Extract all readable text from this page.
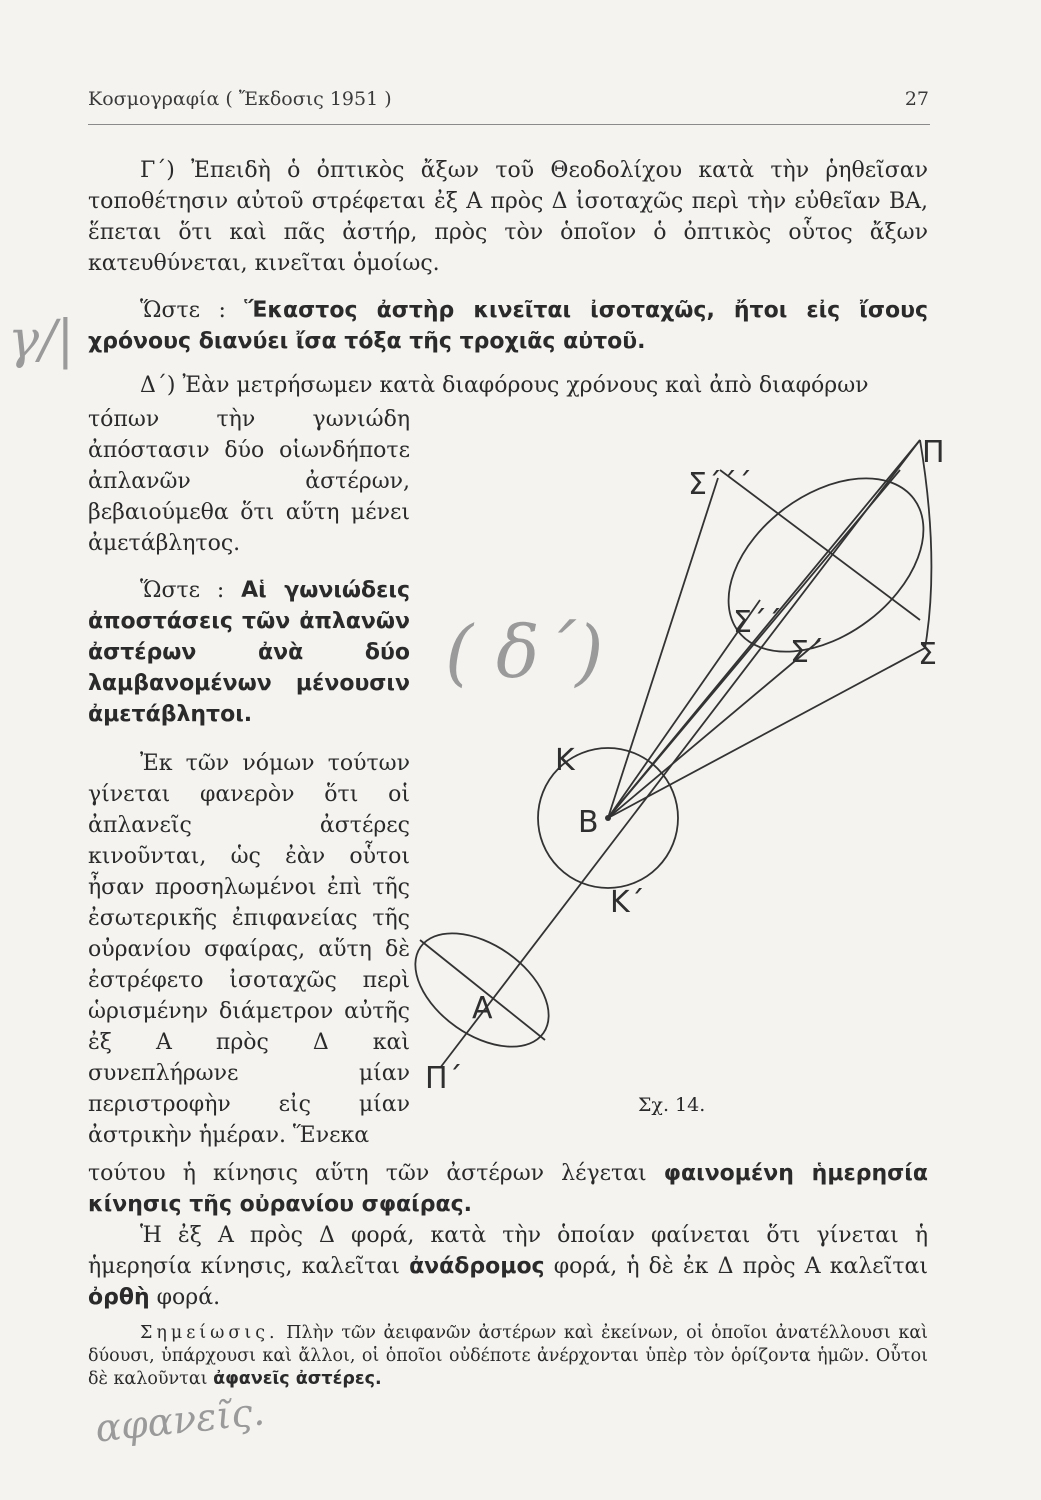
Κοσμογραφία ( Ἔκδοσις 1951 )	27

Γ΄) Ἐπειδὴ ὁ ὀπτικὸς ἄξων τοῦ Θεοδολίχου κατὰ τὴν ῥηθεῖσαν τοποθέτησιν αὐτοῦ στρέφεται ἐξ Α πρὸς Δ ἰσοταχῶς περὶ τὴν εὐθεῖαν ΒΑ, ἕπεται ὅτι καὶ πᾶς ἀστήρ, πρὸς τὸν ὁποῖον ὁ ὀπτικὸς οὗτος ἄξων κατευθύνεται, κινεῖται ὁμοίως.

Ὥστε : Ἕκαστος ἀστὴρ κινεῖται ἰσοταχῶς, ἤτοι εἰς ἴσους χρόνους διανύει ἴσα τόξα τῆς τροχιᾶς αὐτοῦ.

Δ΄) Ἐὰν μετρήσωμεν κατὰ διαφόρους χρόνους καὶ ἀπὸ διαφόρων

τόπων τὴν γωνιώδη ἀπόστασιν δύο οἱωνδήποτε ἀπλανῶν ἀστέρων, βεβαιούμεθα ὅτι αὕτη μένει ἀμετάβλητος.

Ὥστε : Αἱ γωνιώδεις ἀποστάσεις τῶν ἀπλανῶν ἀστέρων ἀνὰ δύο λαμβανομένων μένουσιν ἀμετάβλητοι.

Ἐκ τῶν νόμων τούτων γίνεται φανερὸν ὅτι οἱ ἀπλανεῖς ἀστέρες κινοῦνται, ὡς ἐὰν οὗτοι ἦσαν προσηλωμένοι ἐπὶ τῆς ἐσωτερικῆς ἐπιφανείας τῆς οὐρανίου σφαίρας, αὕτη δὲ ἐστρέφετο ἰσοταχῶς περὶ ὡρισμένην διάμετρον αὐτῆς ἐξ Α πρὸς Δ καὶ συνεπλήρωνε μίαν περιστροφὴν εἰς μίαν ἀστρικὴν ἡμέραν. Ἕνεκα

τούτου ἡ κίνησις αὕτη τῶν ἀστέρων λέγεται φαινομένη ἡμερησία κίνησις τῆς οὐρανίου σφαίρας.

Ἡ ἐξ Α πρὸς Δ φορά, κατὰ τὴν ὁποίαν φαίνεται ὅτι γίνεται ἡ ἡμερησία κίνησις, καλεῖται ἀνάδρομος φορά, ἡ δὲ ἐκ Δ πρὸς Α καλεῖται ὀρθὴ φορά.

Σημείωσις. Πλὴν τῶν ἀειφανῶν ἀστέρων καὶ ἐκείνων, οἱ ὁποῖοι ἀνατέλλουσι καὶ δύουσι, ὑπάρχουσι καὶ ἄλλοι, οἱ ὁποῖοι οὐδέποτε ἀνέρχονται ὑπὲρ τὸν ὁρίζοντα ἡμῶν. Οὗτοι δὲ καλοῦνται ἀφανεῖς ἀστέρες.

Π
Σ΄΄΄
Σ΄΄
Σ΄	Σ
Κ
Β
Κ΄
Α
Π΄
Σχ. 14.
γ/|
( δ΄)
αφανεῖς.
